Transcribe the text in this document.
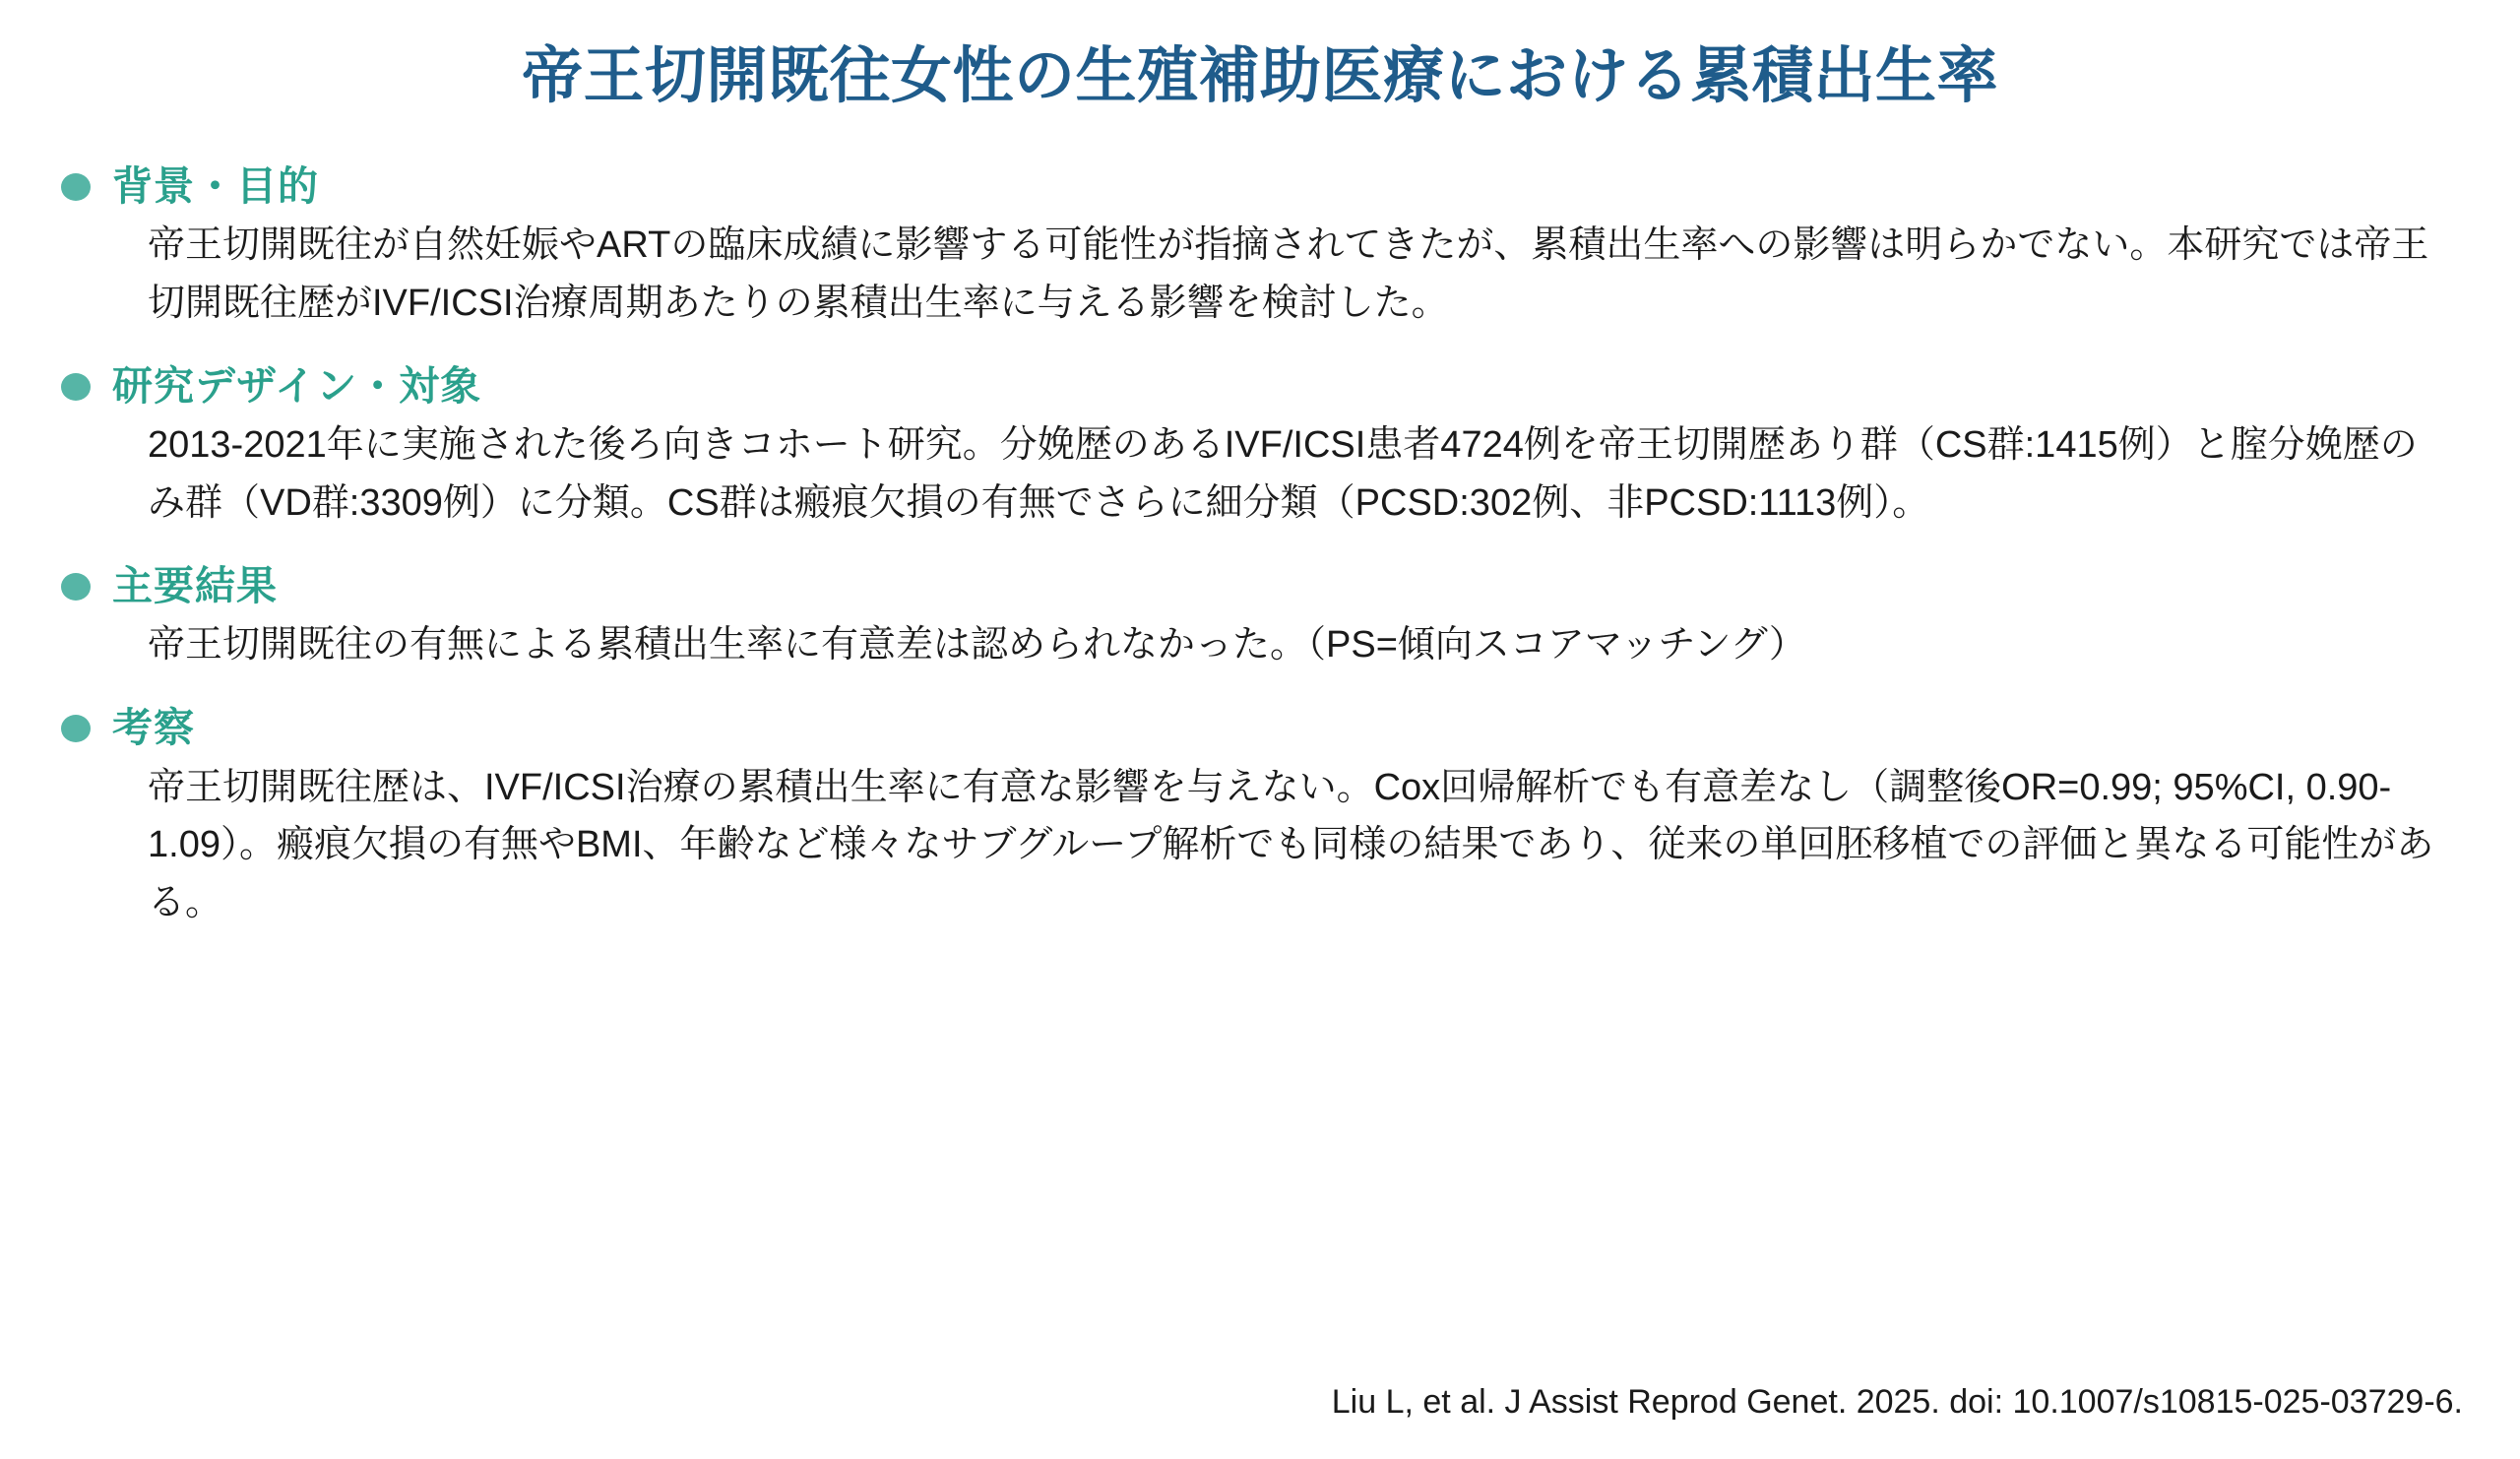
帝王切開既往女性の生殖補助医療における累積出生率
背景・目的
帝王切開既往が自然妊娠やARTの臨床成績に影響する可能性が指摘されてきたが、累積出生率への影響は明らかでない。本研究では帝王切開既往歴がIVF/ICSI治療周期あたりの累積出生率に与える影響を検討した。
研究デザイン・対象
2013-2021年に実施された後ろ向きコホート研究。分娩歴のあるIVF/ICSI患者4724例を帝王切開歴あり群（CS群:1415例）と腟分娩歴のみ群（VD群:3309例）に分類。CS群は瘢痕欠損の有無でさらに細分類（PCSD:302例、非PCSD:1113例）。
主要結果
帝王切開既往の有無による累積出生率に有意差は認められなかった。（PS=傾向スコアマッチング）
考察
帝王切開既往歴は、IVF/ICSI治療の累積出生率に有意な影響を与えない。Cox回帰解析でも有意差なし（調整後OR=0.99; 95%CI, 0.90-1.09）。瘢痕欠損の有無やBMI、年齢など様々なサブグループ解析でも同様の結果であり、従来の単回胚移植での評価と異なる可能性がある。
Liu L, et al. J Assist Reprod Genet. 2025. doi: 10.1007/s10815-025-03729-6.
